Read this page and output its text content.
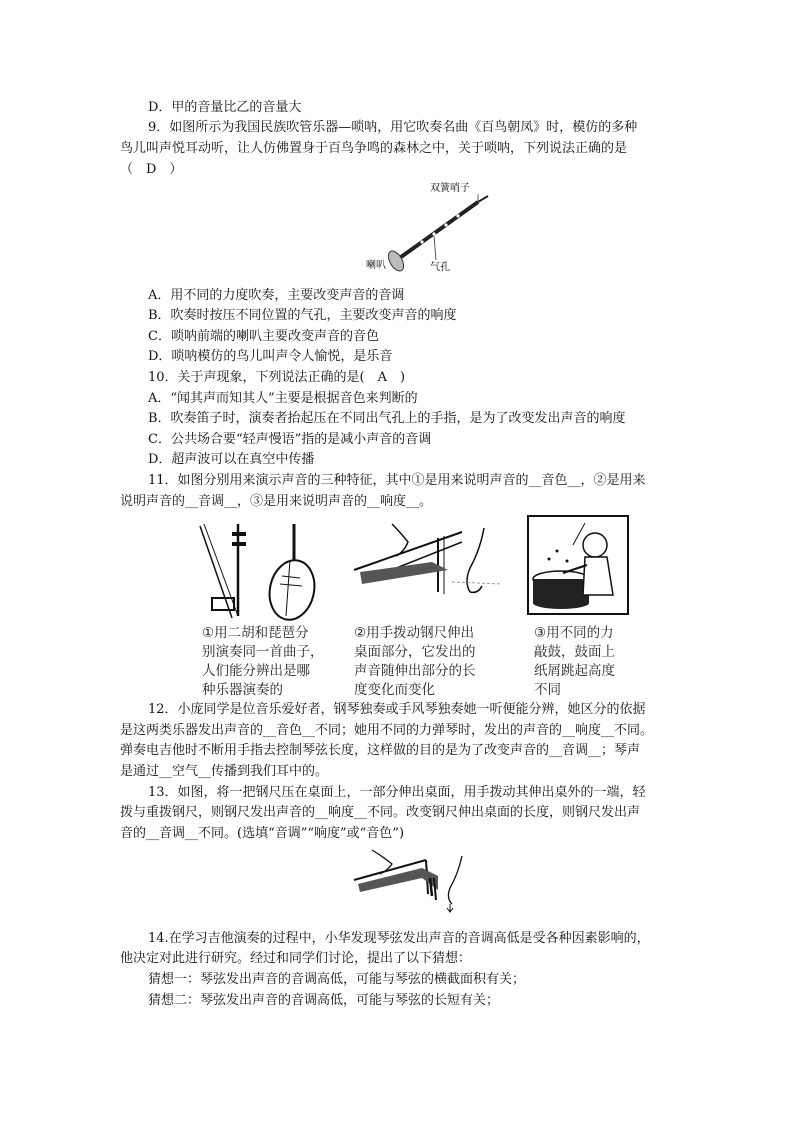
D．甲的音量比乙的音量大
9．如图所示为我国民族吹管乐器—唢呐，用它吹奏名曲《百鸟朝凤》时，模仿的多种
鸟儿叫声悦耳动听，让人仿佛置身于百鸟争鸣的森林之中，关于唢呐，下列说法正确的是
（　D　）
双簧哨子
喇叭	气孔
A．用不同的力度吹奏，主要改变声音的音调
B．吹奏时按压不同位置的气孔，主要改变声音的响度
C．唢呐前端的喇叭主要改变声音的音色
D．唢呐模仿的鸟儿叫声令人愉悦，是乐音
10．关于声现象，下列说法正确的是(　A　)
A．“闻其声而知其人”主要是根据音色来判断的
B．吹奏笛子时，演奏者抬起压在不同出气孔上的手指，是为了改变发出声音的响度
C．公共场合要“轻声慢语”指的是减小声音的音调
D．超声波可以在真空中传播
11．如图分别用来演示声音的三种特征，其中①是用来说明声音的__音色__，②是用来
说明声音的__音调__，③是用来说明声音的__响度__。
①用二胡和琵琶分
别演奏同一首曲子，
人们能分辨出是哪
种乐器演奏的
②用手拨动钢尺伸出
桌面部分，它发出的
声音随伸出部分的长
度变化而变化
③用不同的力
敲鼓，鼓面上
纸屑跳起高度
不同
12．小庞同学是位音乐爱好者，钢琴独奏或手风琴独奏她一听便能分辨，她区分的依据
是这两类乐器发出声音的__音色__不同；她用不同的力弹琴时，发出的声音的__响度__不同。
弹奏电吉他时不断用手指去控制琴弦长度，这样做的目的是为了改变声音的__音调__；琴声
是通过__空气__传播到我们耳中的。
13．如图，将一把钢尺压在桌面上，一部分伸出桌面，用手拨动其伸出桌外的一端，轻
拨与重拨钢尺，则钢尺发出声音的__响度__不同。改变钢尺伸出桌面的长度，则钢尺发出声
音的__音调__不同。(选填“音调”“响度”或“音色”)
14.在学习吉他演奏的过程中，小华发现琴弦发出声音的音调高低是受各种因素影响的，
他决定对此进行研究。经过和同学们讨论，提出了以下猜想：
猜想一：琴弦发出声音的音调高低，可能与琴弦的横截面积有关；
猜想二：琴弦发出声音的音调高低，可能与琴弦的长短有关；
